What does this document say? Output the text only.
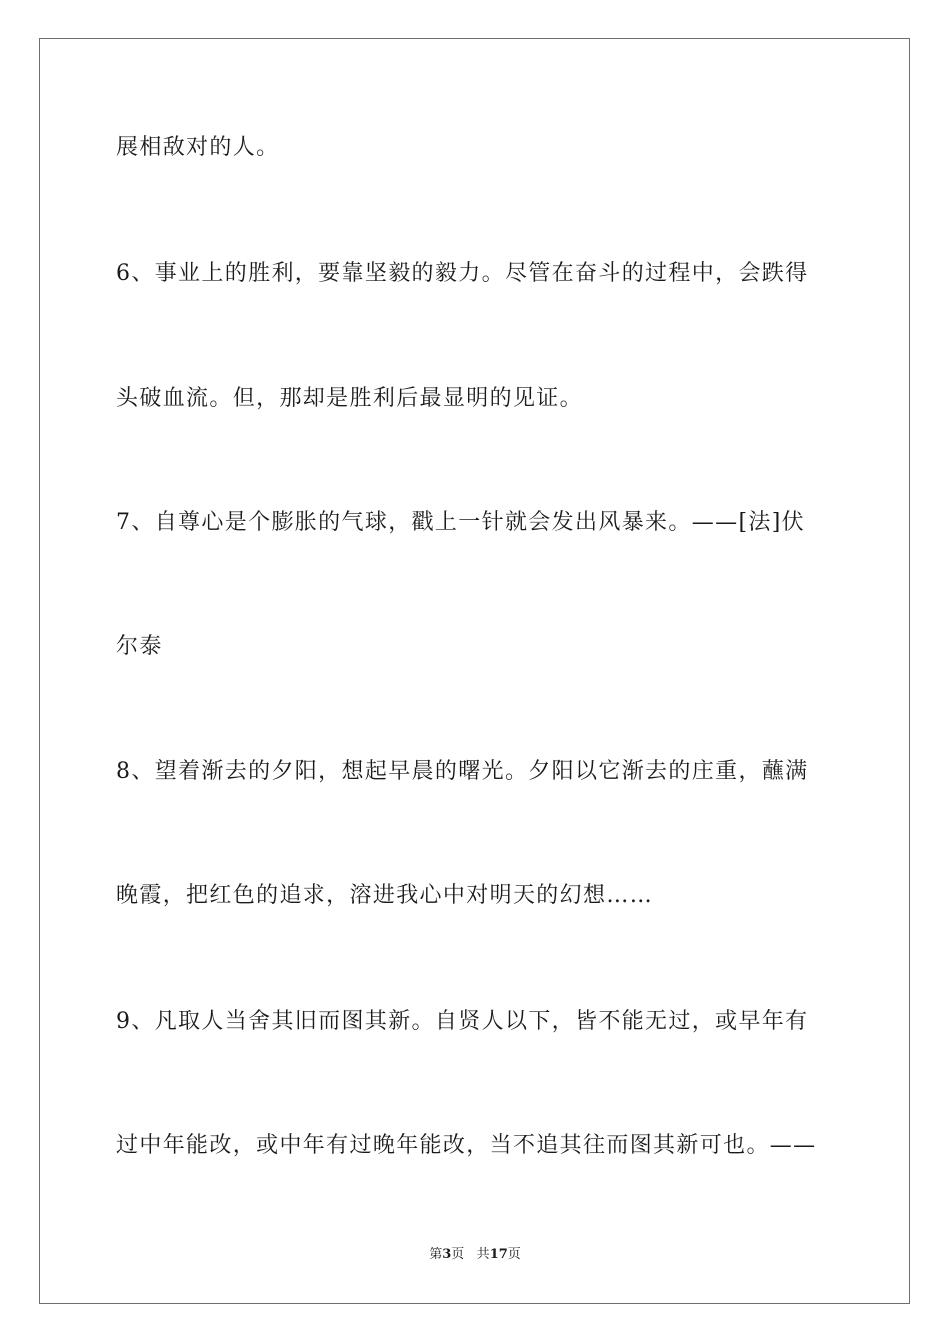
展相敌对的人。
6、事业上的胜利，要靠坚毅的毅力。尽管在奋斗的过程中，会跌得
头破血流。但，那却是胜利后最显明的见证。
7、自尊心是个膨胀的气球，戳上一针就会发出风暴来。——[法]伏
尔泰
8、望着渐去的夕阳，想起早晨的曙光。夕阳以它渐去的庄重，蘸满
晚霞，把红色的追求，溶进我心中对明天的幻想……
9、凡取人当舍其旧而图其新。自贤人以下，皆不能无过，或早年有
过中年能改，或中年有过晚年能改，当不追其往而图其新可也。——
第3页 共17页
